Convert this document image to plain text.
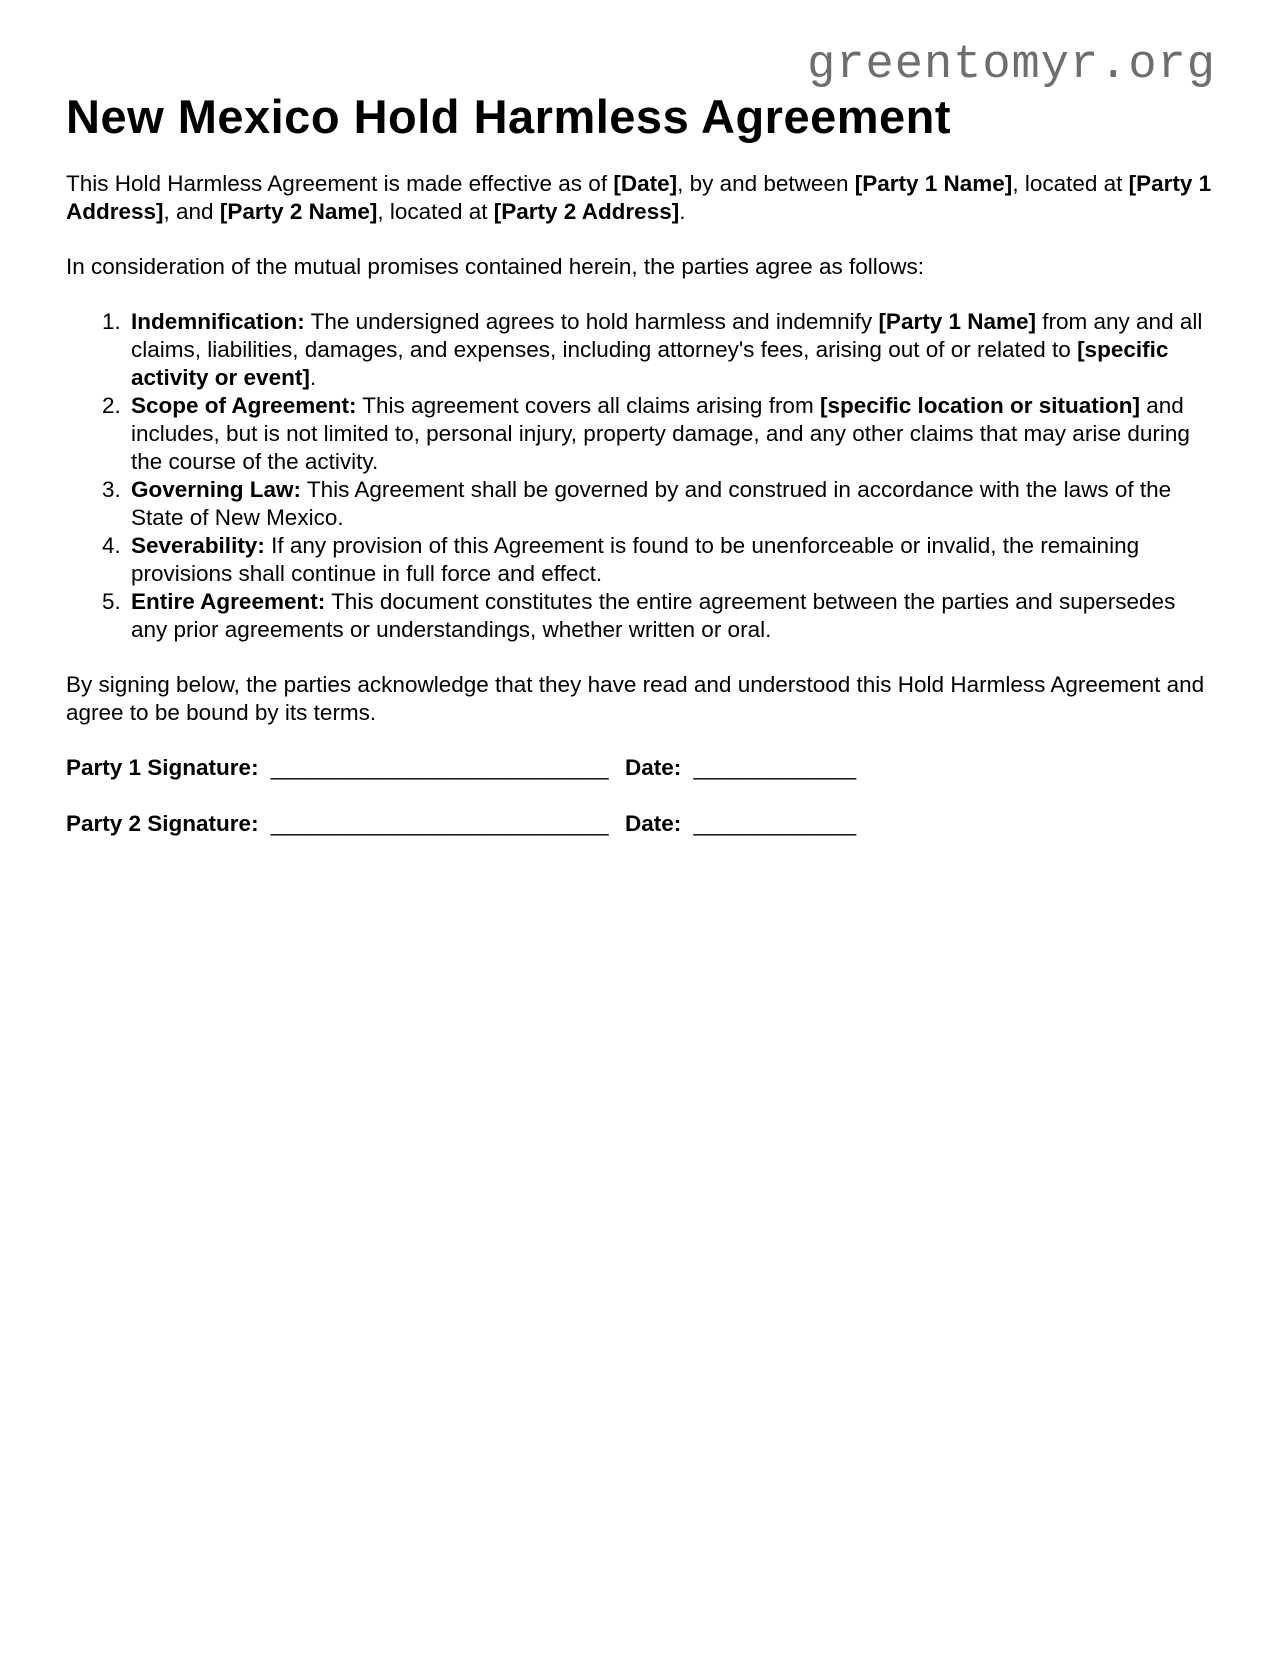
greentomyr.org
New Mexico Hold Harmless Agreement

This Hold Harmless Agreement is made effective as of [Date], by and between [Party 1 Name], located at [Party 1 Address], and [Party 2 Name], located at [Party 2 Address].

In consideration of the mutual promises contained herein, the parties agree as follows:

1. Indemnification: The undersigned agrees to hold harmless and indemnify [Party 1 Name] from any and all claims, liabilities, damages, and expenses, including attorney's fees, arising out of or related to [specific activity or event].
2. Scope of Agreement: This agreement covers all claims arising from [specific location or situation] and includes, but is not limited to, personal injury, property damage, and any other claims that may arise during the course of the activity.
3. Governing Law: This Agreement shall be governed by and construed in accordance with the laws of the State of New Mexico.
4. Severability: If any provision of this Agreement is found to be unenforceable or invalid, the remaining provisions shall continue in full force and effect.
5. Entire Agreement: This document constitutes the entire agreement between the parties and supersedes any prior agreements or understandings, whether written or oral.

By signing below, the parties acknowledge that they have read and understood this Hold Harmless Agreement and agree to be bound by its terms.

Party 1 Signature: ___________________________ Date: _____________
Party 2 Signature: ___________________________ Date: _____________
